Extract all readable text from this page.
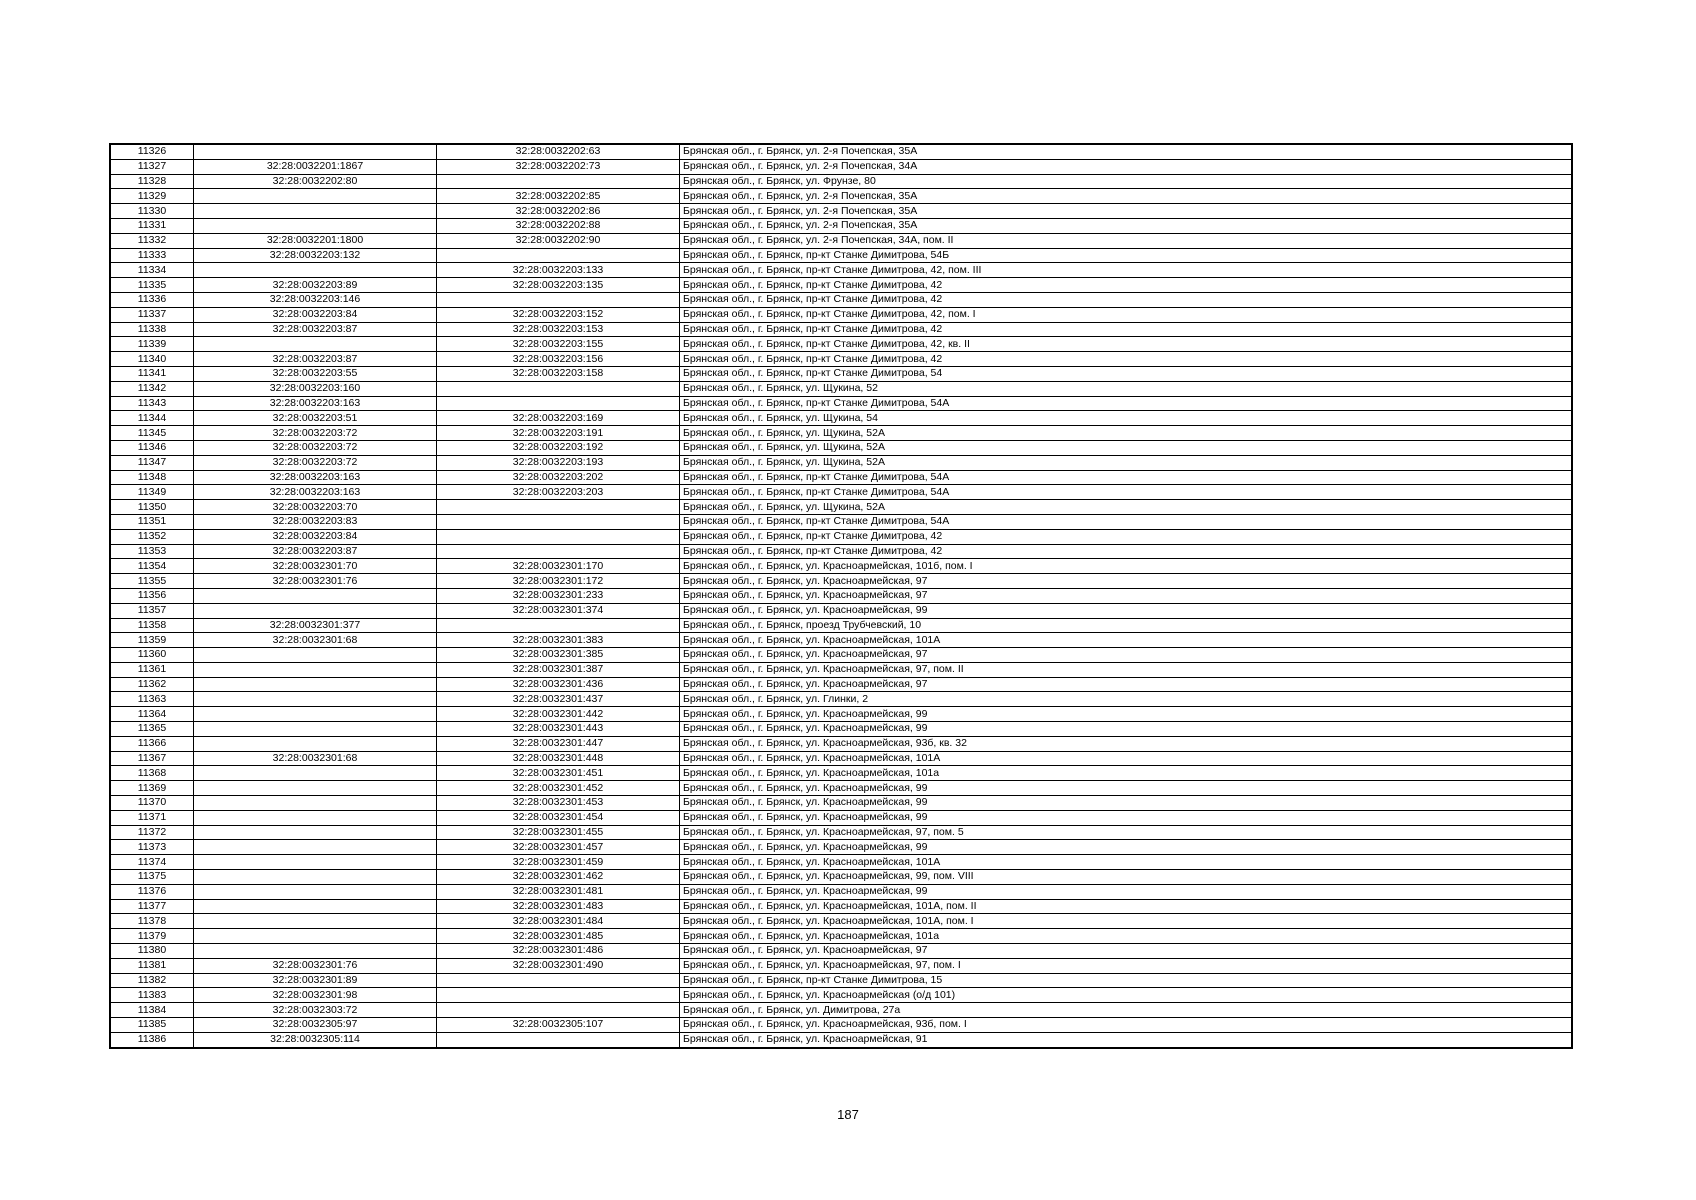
11326		32:28:0032202:63	Брянская обл., г. Брянск, ул. 2-я Почепская, 35А
11327	32:28:0032201:1867	32:28:0032202:73	Брянская обл., г. Брянск, ул. 2-я Почепская, 34А
11328	32:28:0032202:80		Брянская обл., г. Брянск, ул. Фрунзе, 80
11329		32:28:0032202:85	Брянская обл., г. Брянск, ул. 2-я Почепская, 35А
11330		32:28:0032202:86	Брянская обл., г. Брянск, ул. 2-я Почепская, 35А
11331		32:28:0032202:88	Брянская обл., г. Брянск, ул. 2-я Почепская, 35А
11332	32:28:0032201:1800	32:28:0032202:90	Брянская обл., г. Брянск, ул. 2-я Почепская, 34А, пом. II
11333	32:28:0032203:132		Брянская обл., г. Брянск, пр-кт Станке Димитрова, 54Б
11334		32:28:0032203:133	Брянская обл., г. Брянск, пр-кт Станке Димитрова, 42, пом. III
11335	32:28:0032203:89	32:28:0032203:135	Брянская обл., г. Брянск, пр-кт Станке Димитрова, 42
11336	32:28:0032203:146		Брянская обл., г. Брянск, пр-кт Станке Димитрова, 42
11337	32:28:0032203:84	32:28:0032203:152	Брянская обл., г. Брянск, пр-кт Станке Димитрова, 42, пом. I
11338	32:28:0032203:87	32:28:0032203:153	Брянская обл., г. Брянск, пр-кт Станке Димитрова, 42
11339		32:28:0032203:155	Брянская обл., г. Брянск, пр-кт Станке Димитрова, 42, кв. II
11340	32:28:0032203:87	32:28:0032203:156	Брянская обл., г. Брянск, пр-кт Станке Димитрова, 42
11341	32:28:0032203:55	32:28:0032203:158	Брянская обл., г. Брянск, пр-кт Станке Димитрова, 54
11342	32:28:0032203:160		Брянская обл., г. Брянск, ул. Щукина, 52
11343	32:28:0032203:163		Брянская обл., г. Брянск, пр-кт Станке Димитрова, 54А
11344	32:28:0032203:51	32:28:0032203:169	Брянская обл., г. Брянск, ул. Щукина, 54
11345	32:28:0032203:72	32:28:0032203:191	Брянская обл., г. Брянск, ул. Щукина, 52А
11346	32:28:0032203:72	32:28:0032203:192	Брянская обл., г. Брянск, ул. Щукина, 52А
11347	32:28:0032203:72	32:28:0032203:193	Брянская обл., г. Брянск, ул. Щукина, 52А
11348	32:28:0032203:163	32:28:0032203:202	Брянская обл., г. Брянск, пр-кт Станке Димитрова, 54А
11349	32:28:0032203:163	32:28:0032203:203	Брянская обл., г. Брянск, пр-кт Станке Димитрова, 54А
11350	32:28:0032203:70		Брянская обл., г. Брянск, ул. Щукина, 52А
11351	32:28:0032203:83		Брянская обл., г. Брянск, пр-кт Станке Димитрова, 54А
11352	32:28:0032203:84		Брянская обл., г. Брянск, пр-кт Станке Димитрова, 42
11353	32:28:0032203:87		Брянская обл., г. Брянск, пр-кт Станке Димитрова, 42
11354	32:28:0032301:70	32:28:0032301:170	Брянская обл., г. Брянск, ул. Красноармейская, 101б, пом. I
11355	32:28:0032301:76	32:28:0032301:172	Брянская обл., г. Брянск, ул. Красноармейская, 97
11356		32:28:0032301:233	Брянская обл., г. Брянск, ул. Красноармейская, 97
11357		32:28:0032301:374	Брянская обл., г. Брянск, ул. Красноармейская, 99
11358	32:28:0032301:377		Брянская обл., г. Брянск, проезд Трубчевский, 10
11359	32:28:0032301:68	32:28:0032301:383	Брянская обл., г. Брянск, ул. Красноармейская, 101А
11360		32:28:0032301:385	Брянская обл., г. Брянск, ул. Красноармейская, 97
11361		32:28:0032301:387	Брянская обл., г. Брянск, ул. Красноармейская, 97, пом. II
11362		32:28:0032301:436	Брянская обл., г. Брянск, ул. Красноармейская, 97
11363		32:28:0032301:437	Брянская обл., г. Брянск, ул. Глинки, 2
11364		32:28:0032301:442	Брянская обл., г. Брянск, ул. Красноармейская, 99
11365		32:28:0032301:443	Брянская обл., г. Брянск, ул. Красноармейская, 99
11366		32:28:0032301:447	Брянская обл., г. Брянск, ул. Красноармейская, 93б, кв. 32
11367	32:28:0032301:68	32:28:0032301:448	Брянская обл., г. Брянск, ул. Красноармейская, 101А
11368		32:28:0032301:451	Брянская обл., г. Брянск, ул. Красноармейская, 101а
11369		32:28:0032301:452	Брянская обл., г. Брянск, ул. Красноармейская, 99
11370		32:28:0032301:453	Брянская обл., г. Брянск, ул. Красноармейская, 99
11371		32:28:0032301:454	Брянская обл., г. Брянск, ул. Красноармейская, 99
11372		32:28:0032301:455	Брянская обл., г. Брянск, ул. Красноармейская, 97, пом. 5
11373		32:28:0032301:457	Брянская обл., г. Брянск, ул. Красноармейская, 99
11374		32:28:0032301:459	Брянская обл., г. Брянск, ул. Красноармейская, 101А
11375		32:28:0032301:462	Брянская обл., г. Брянск, ул. Красноармейская, 99, пом. VIII
11376		32:28:0032301:481	Брянская обл., г. Брянск, ул. Красноармейская, 99
11377		32:28:0032301:483	Брянская обл., г. Брянск, ул. Красноармейская, 101А, пом. II
11378		32:28:0032301:484	Брянская обл., г. Брянск, ул. Красноармейская, 101А, пом. I
11379		32:28:0032301:485	Брянская обл., г. Брянск, ул. Красноармейская, 101а
11380		32:28:0032301:486	Брянская обл., г. Брянск, ул. Красноармейская, 97
11381	32:28:0032301:76	32:28:0032301:490	Брянская обл., г. Брянск, ул. Красноармейская, 97, пом. I
11382	32:28:0032301:89		Брянская обл., г. Брянск, пр-кт Станке Димитрова, 15
11383	32:28:0032301:98		Брянская обл., г. Брянск, ул. Красноармейская (о/д 101)
11384	32:28:0032303:72		Брянская обл., г. Брянск, ул. Димитрова, 27а
11385	32:28:0032305:97	32:28:0032305:107	Брянская обл., г. Брянск, ул. Красноармейская, 93б, пом. I
11386	32:28:0032305:114		Брянская обл., г. Брянск, ул. Красноармейская, 91
187
